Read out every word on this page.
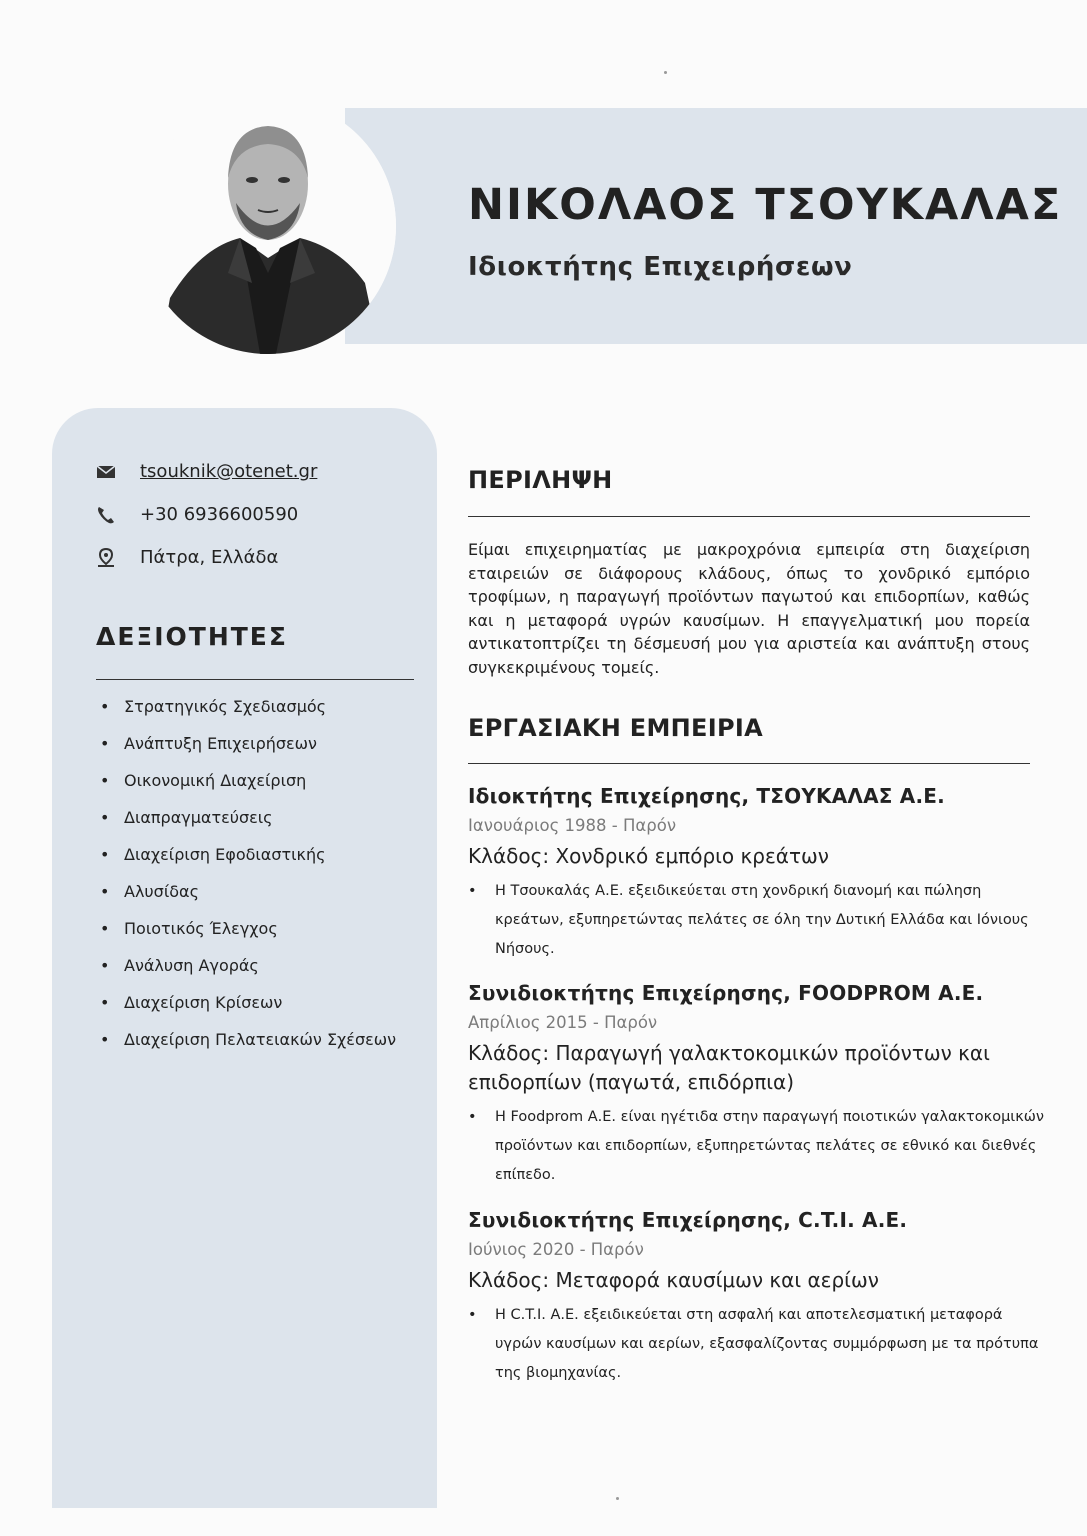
ΝΙΚΟΛΑΟΣ ΤΣΟΥΚΑΛΑΣ
Ιδιοκτήτης Επιχειρήσεων
tsouknik@otenet.gr
+30 6936600590
Πάτρα, Ελλάδα
ΔΕΞΙΟΤΗΤΕΣ
• Στρατηγικός Σχεδιασμός
• Ανάπτυξη Επιχειρήσεων
• Οικονομική Διαχείριση
• Διαπραγματεύσεις
• Διαχείριση Εφοδιαστικής
• Αλυσίδας
• Ποιοτικός Έλεγχος
• Ανάλυση Αγοράς
• Διαχείριση Κρίσεων
• Διαχείριση Πελατειακών Σχέσεων
ΠΕΡΙΛΗΨΗ

Είμαι επιχειρηματίας με μακροχρόνια εμπειρία στη διαχείριση εταιρειών σε διάφορους κλάδους, όπως το χονδρικό εμπόριο τροφίμων, η παραγωγή προϊόντων παγωτού και επιδορπίων, καθώς και η μεταφορά υγρών καυσίμων. Η επαγγελματική μου πορεία αντικατοπτρίζει τη δέσμευσή μου για αριστεία και ανάπτυξη στους συγκεκριμένους τομείς.

ΕΡΓΑΣΙΑΚΗ ΕΜΠΕΙΡΙΑ

Ιδιοκτήτης Επιχείρησης, ΤΣΟΥΚΑΛΑΣ Α.Ε.

Ιανουάριος 1988 - Παρόν

Κλάδος: Χονδρικό εμπόριο κρεάτων

• Η Τσουκαλάς Α.Ε. εξειδικεύεται στη χονδρική διανομή και πώληση κρεάτων, εξυπηρετώντας πελάτες σε όλη την Δυτική Ελλάδα και Ιόνιους Νήσους.

Συνιδιοκτήτης Επιχείρησης, FOODPROM Α.Ε.

Απρίλιος 2015 - Παρόν

Κλάδος: Παραγωγή γαλακτοκομικών προϊόντων και επιδορπίων (παγωτά, επιδόρπια)

• Η Foodprom Α.Ε. είναι ηγέτιδα στην παραγωγή ποιοτικών γαλακτοκομικών προϊόντων και επιδορπίων, εξυπηρετώντας πελάτες σε εθνικό και διεθνές επίπεδο.

Συνιδιοκτήτης Επιχείρησης, C.T.I. Α.Ε.

Ιούνιος 2020 - Παρόν

Κλάδος: Μεταφορά καυσίμων και αερίων

• Η C.T.I. Α.Ε. εξειδικεύεται στη ασφαλή και αποτελεσματική μεταφορά υγρών καυσίμων και αερίων, εξασφαλίζοντας συμμόρφωση με τα πρότυπα της βιομηχανίας.
